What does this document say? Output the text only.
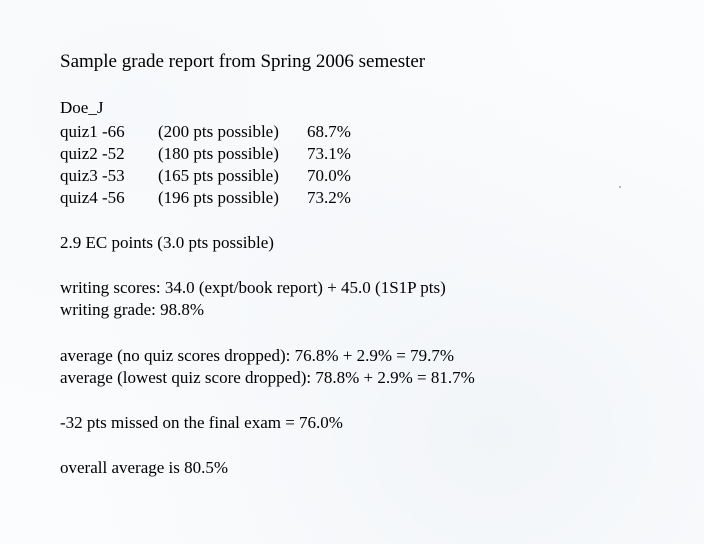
Sample grade report from Spring 2006 semester
Doe_J
quiz1 -66 (200 pts possible) 68.7%
quiz2 -52 (180 pts possible) 73.1%
quiz3 -53 (165 pts possible) 70.0%
quiz4 -56 (196 pts possible) 73.2%
2.9 EC points (3.0 pts possible)
writing scores: 34.0 (expt/book report) + 45.0 (1S1P pts)
writing grade: 98.8%
average (no quiz scores dropped): 76.8% + 2.9% = 79.7%
average (lowest quiz score dropped): 78.8% + 2.9% = 81.7%
-32 pts missed on the final exam = 76.0%
overall average is 80.5%
